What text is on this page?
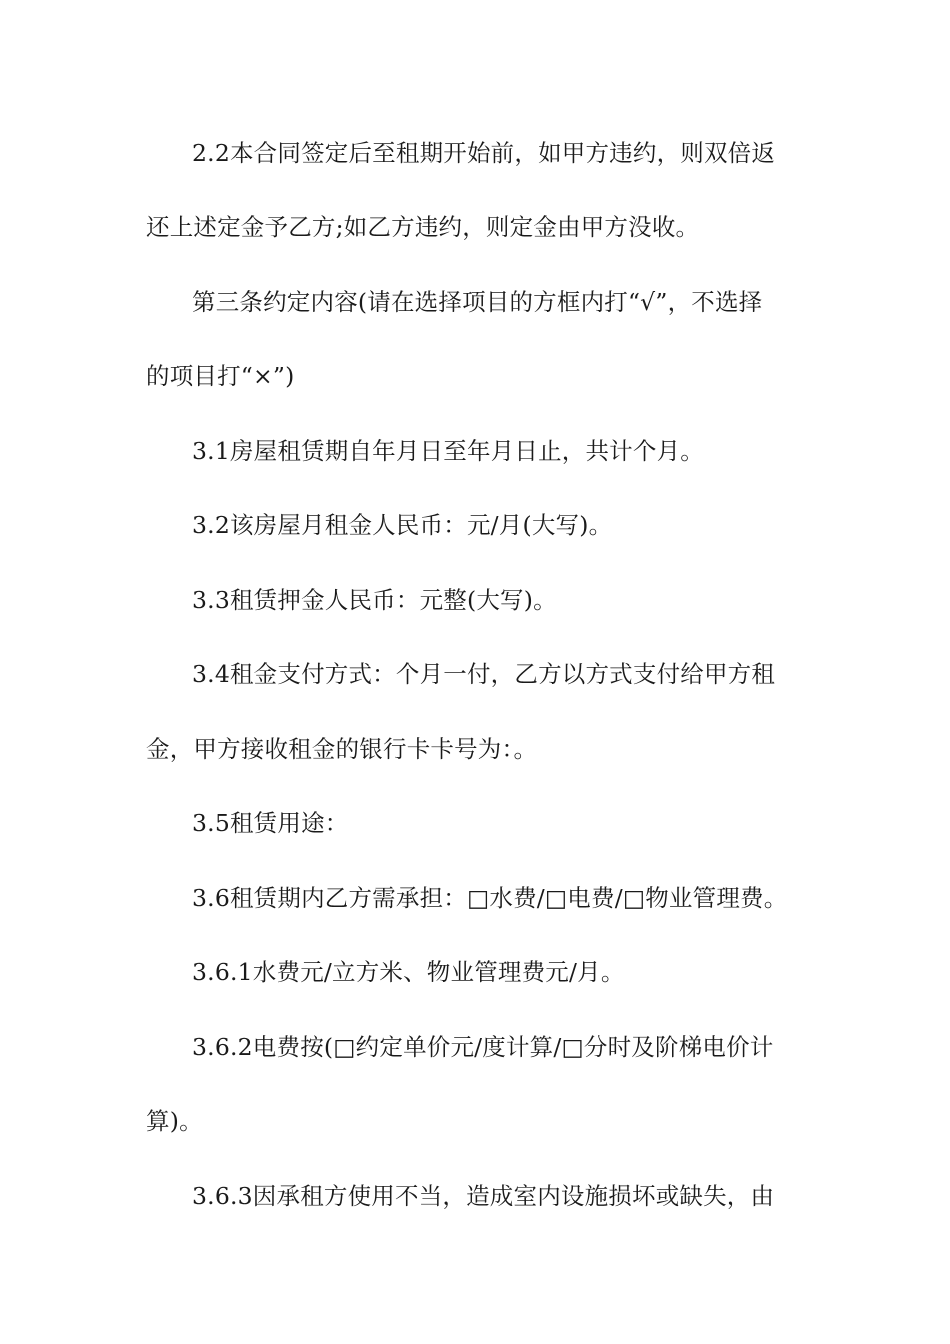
2.2本合同签定后至租期开始前，如甲方违约，则双倍返
还上述定金予乙方;如乙方违约，则定金由甲方没收。
第三条约定内容(请在选择项目的方框内打“√”，不选择
的项目打“×”)
3.1房屋租赁期自年月日至年月日止，共计个月。
3.2该房屋月租金人民币：元/月(大写)。
3.3租赁押金人民币：元整(大写)。
3.4租金支付方式：个月一付，乙方以方式支付给甲方租
金，甲方接收租金的银行卡卡号为：。
3.5租赁用途：
3.6租赁期内乙方需承担：□水费/□电费/□物业管理费。
3.6.1水费元/立方米、物业管理费元/月。
3.6.2电费按(□约定单价元/度计算/□分时及阶梯电价计
算)。
3.6.3因承租方使用不当，造成室内设施损坏或缺失，由
